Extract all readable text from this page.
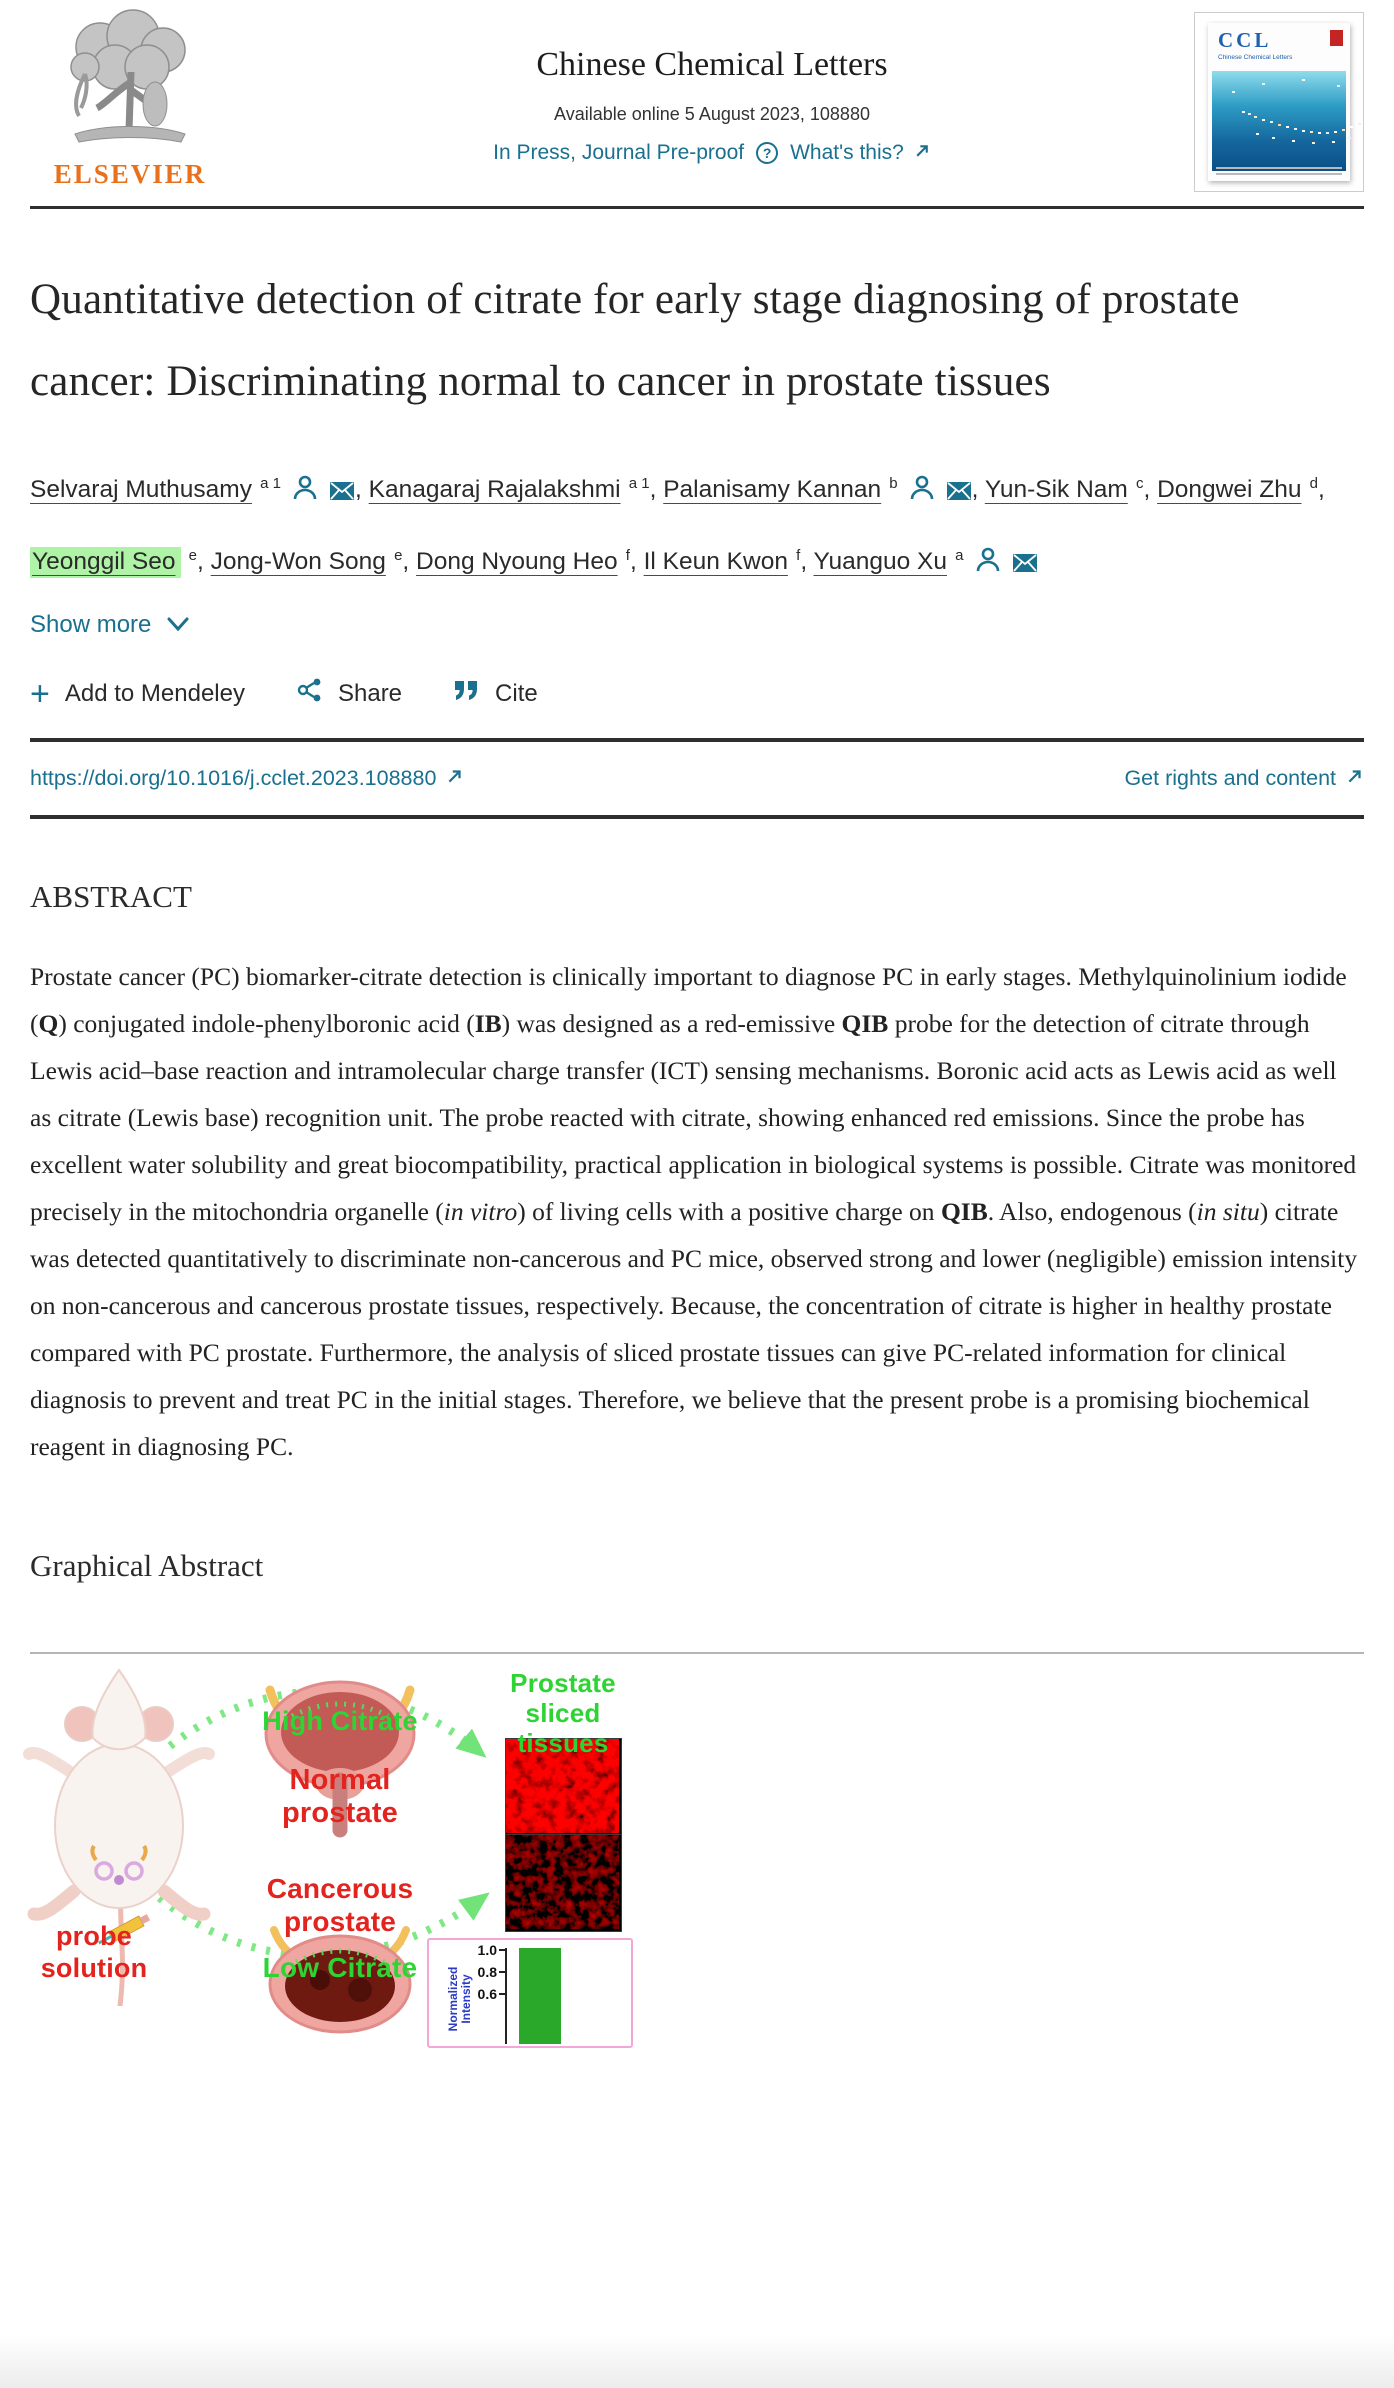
ELSEVIER
Chinese Chemical Letters
Available online 5 August 2023, 108880
In Press, Journal Pre-proof	? What's this?
CCL
Chinese Chemical Letters
Quantitative detection of citrate for early stage diagnosing of prostate cancer: Discriminating normal to cancer in prostate tissues
Selvaraj Muthusamy $^{a 1}$	, Kanagaraj Rajalakshmi $^{a 1}$, Palanisamy Kannan $^b$	, Yun-Sik Nam $^c$, Dongwei Zhu $^d$, Yeonggil Seo $^e$, Jong-Won Song $^e$, Dong Nyoung Heo $^f$, Il Keun Kwon $^f$, Yuanguo Xu $^a$
Show more
+ Add to Mendeley	Share	Cite
https://doi.org/10.1016/j.cclet.2023.108880	Get rights and content
ABSTRACT

Prostate cancer (PC) biomarker-citrate detection is clinically important to diagnose PC in early stages. Methylquinolinium iodide (Q) conjugated indole-phenylboronic acid (IB) was designed as a red-emissive QIB probe for the detection of citrate through Lewis acid–base reaction and intramolecular charge transfer (ICT) sensing mechanisms. Boronic acid acts as Lewis acid as well as citrate (Lewis base) recognition unit. The probe reacted with citrate, showing enhanced red emissions. Since the probe has excellent water solubility and great biocompatibility, practical application in biological systems is possible. Citrate was monitored precisely in the mitochondria organelle (in vitro) of living cells with a positive charge on QIB. Also, endogenous (in situ) citrate was detected quantitatively to discriminate non-cancerous and PC mice, observed strong and lower (negligible) emission intensity on non-cancerous and cancerous prostate tissues, respectively. Because, the concentration of citrate is higher in healthy prostate compared with PC prostate. Furthermore, the analysis of sliced prostate tissues can give PC-related information for clinical diagnosis to prevent and treat PC in the initial stages. Therefore, we believe that the present probe is a promising biochemical reagent in diagnosing PC.

Graphical Abstract
Prostate sliced tissues
High Citrate
Normal prostate
Cancerous prostate
Low Citrate
probe solution	Normalized
Intensity
1.0
0.8
0.6
